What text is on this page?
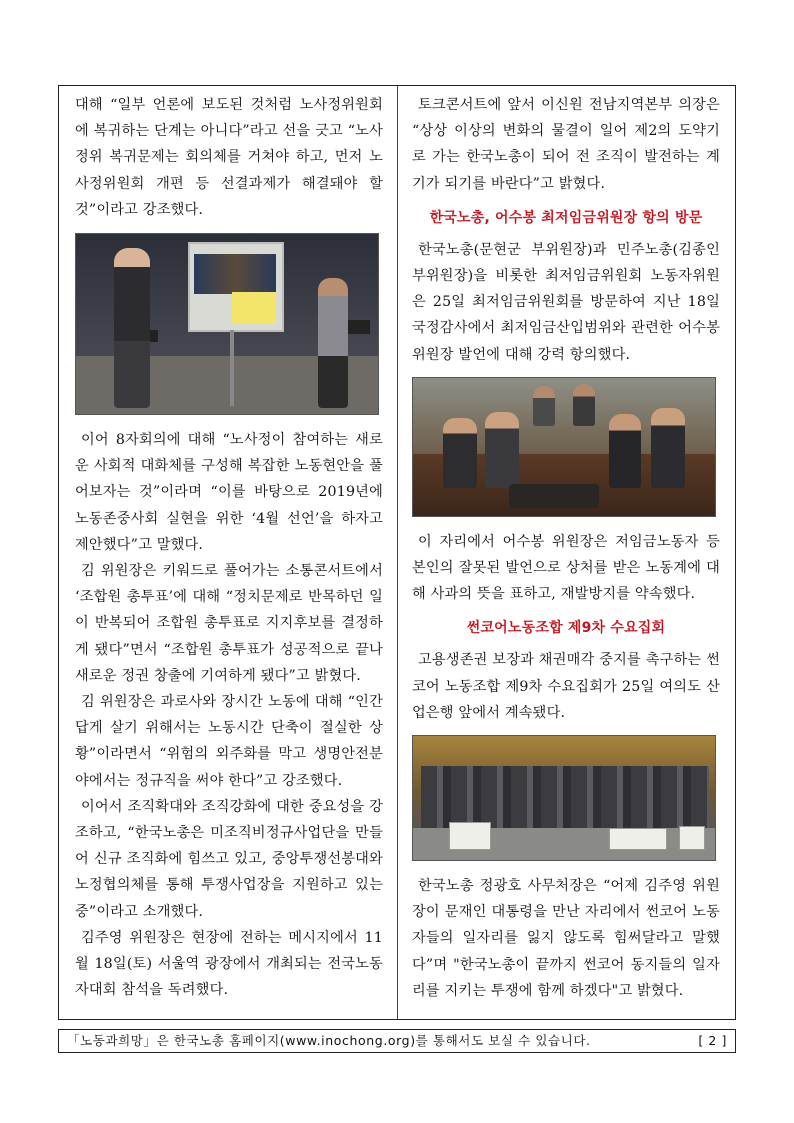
대해 “일부 언론에 보도된 것처럼 노사정위원회에 복귀하는 단계는 아니다”라고 선을 긋고 “노사정위 복귀문제는 회의체를 거쳐야 하고, 먼저 노사정위원회 개편 등 선결과제가 해결돼야 할 것”이라고 강조했다.

이어 8자회의에 대해 “노사정이 참여하는 새로운 사회적 대화체를 구성해 복잡한 노동현안을 풀어보자는 것”이라며 “이를 바탕으로 2019년에 노동존중사회 실현을 위한 ‘4월 선언’을 하자고 제안했다”고 말했다.

김 위원장은 키워드로 풀어가는 소통콘서트에서 ‘조합원 총투표’에 대해 “정치문제로 반목하던 일이 반복되어 조합원 총투표로 지지후보를 결정하게 됐다”면서 “조합원 총투표가 성공적으로 끝나 새로운 정권 창출에 기여하게 됐다”고 밝혔다.

김 위원장은 과로사와 장시간 노동에 대해 “인간답게 살기 위해서는 노동시간 단축이 절실한 상황”이라면서 “위험의 외주화를 막고 생명안전분야에서는 정규직을 써야 한다”고 강조했다.

이어서 조직확대와 조직강화에 대한 중요성을 강조하고, “한국노총은 미조직비정규사업단을 만들어 신규 조직화에 힘쓰고 있고, 중앙투쟁선봉대와 노정협의체를 통해 투쟁사업장을 지원하고 있는 중”이라고 소개했다.

김주영 위원장은 현장에 전하는 메시지에서 11월 18일(토) 서울역 광장에서 개최되는 전국노동자대회 참석을 독려했다.

토크콘서트에 앞서 이신원 전남지역본부 의장은 “상상 이상의 변화의 물결이 일어 제2의 도약기로 가는 한국노총이 되어 전 조직이 발전하는 계기가 되기를 바란다”고 밝혔다.

한국노총, 어수봉 최저임금위원장 항의 방문

한국노총(문현군 부위원장)과 민주노총(김종인 부위원장)을 비롯한 최저임금위원회 노동자위원은 25일 최저임금위원회를 방문하여 지난 18일 국정감사에서 최저임금산입범위와 관련한 어수봉 위원장 발언에 대해 강력 항의했다.

이 자리에서 어수봉 위원장은 저임금노동자 등 본인의 잘못된 발언으로 상처를 받은 노동계에 대해 사과의 뜻을 표하고, 재발방지를 약속했다.

썬코어노동조합 제9차 수요집회

고용생존권 보장과 채권매각 중지를 촉구하는 썬코어 노동조합 제9차 수요집회가 25일 여의도 산업은행 앞에서 계속됐다.

한국노총 정광호 사무처장은 “어제 김주영 위원장이 문재인 대통령을 만난 자리에서 썬코어 노동자들의 일자리를 잃지 않도록 힘써달라고 말했다”며 "한국노총이 끝까지 썬코어 동지들의 일자리를 지키는 투쟁에 함께 하겠다"고 밝혔다.

「노동과희망」은 한국노총 홈페이지(www.inochong.org)를 통해서도 보실 수 있습니다.	[ 2 ]
